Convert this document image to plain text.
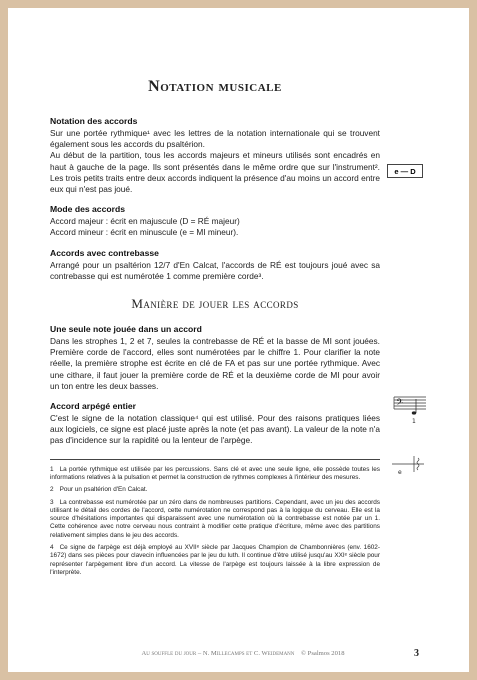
Notation musicale
Notation des accords
Sur une portée rythmique¹ avec les lettres de la notation internationale qui se trouvent également sous les accords du psaltérion.
Au début de la partition, tous les accords majeurs et mineurs utilisés sont encadrés en haut à gauche de la page. Ils sont présentés dans le même ordre que sur l'instrument². Les trois petits traits entre deux accords indiquent la présence d'au moins un accord entre eux qui n'est pas joué.
Mode des accords
Accord majeur : écrit en majuscule (D = RÉ majeur)
Accord mineur : écrit en minuscule (e = MI mineur).
Accords avec contrebasse
Arrangé pour un psaltérion 12/7 d'En Calcat, l'accords de RÉ est toujours joué avec sa contrebasse qui est numérotée 1 comme première corde³.
Manière de jouer les accords
Une seule note jouée dans un accord
Dans les strophes 1, 2 et 7, seules la contrebasse de RÉ et la basse de MI sont jouées. Première corde de l'accord, elles sont numérotées par le chiffre 1. Pour clarifier la note réelle, la première strophe est écrite en clé de FA et pas sur une portée rythmique. Avec une cithare, il faut jouer la première corde de RÉ et la deuxième corde de MI pour avoir un ton entre les deux basses.
Accord arpégé entier
C'est le signe de la notation classique⁴ qui est utilisé. Pour des raisons pratiques liées aux logiciels, ce signe est placé juste après la note (et pas avant). La valeur de la note n'a pas d'incidence sur la rapidité ou la lenteur de l'arpège.
1 La portée rythmique est utilisée par les percussions. Sans clé et avec une seule ligne, elle possède toutes les informations relatives à la pulsation et permet la construction de rythmes complexes à l'intérieur des mesures.
2 Pour un psaltérion d'En Calcat.
3 La contrebasse est numérotée par un zéro dans de nombreuses partitions. Cependant, avec un jeu des accords utilisant le détail des cordes de l'accord, cette numérotation ne correspond pas à la logique du cerveau. Elle est la source d'hésitations importantes qui disparaissent avec une numérotation où la contrebasse est notée par un 1. Cette cohérence avec notre cerveau nous contraint à modifier cette pratique d'écriture, même avec des partitions relativement simples dans le jeu des accords.
4 Ce signe de l'arpège est déjà employé au XVIIᵉ siècle par Jacques Champion de Chambonnières (env. 1602-1672) dans ses pièces pour clavecin influencées par le jeu du luth. Il continue d'être utilisé jusqu'au XXIᵉ siècle pour représenter l'arpègement libre d'un accord. La vitesse de l'arpège est toujours laissée à la libre expression de l'interprète.
e — D
𝄢
1
e
Au souffle du jour – N. Millecamps et C. Weidemann © Psalmos 2018	3
